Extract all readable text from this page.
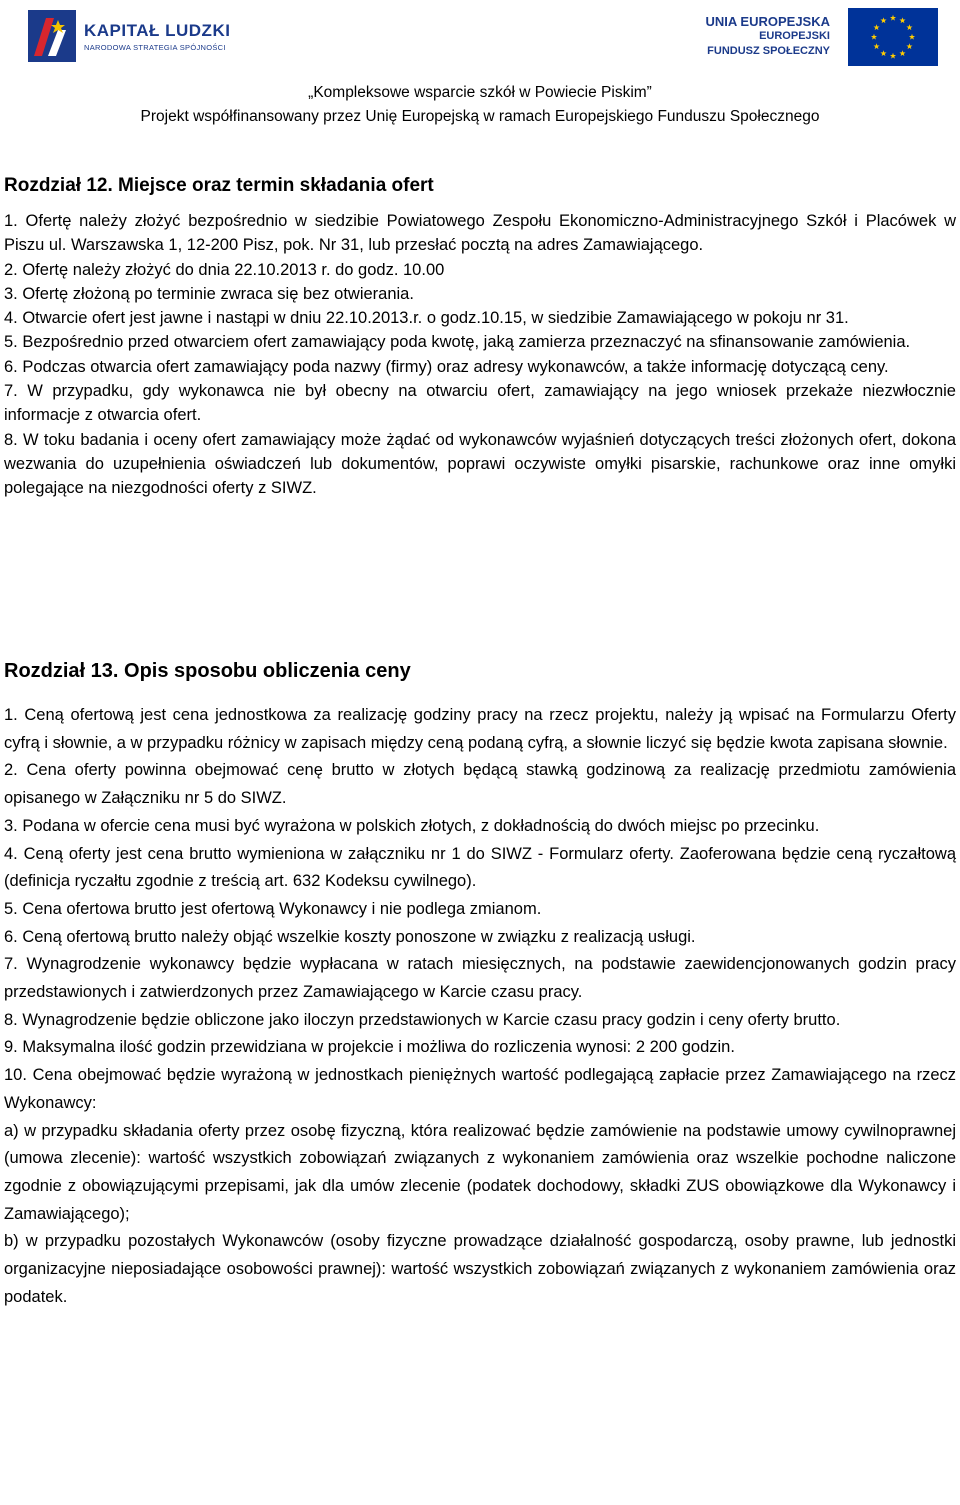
KAPITAŁ LUDZKI
NARODOWA STRATEGIA SPÓJNOŚCI
UNIA EUROPEJSKA
EUROPEJSKI
FUNDUSZ SPOŁECZNY
„Kompleksowe wsparcie szkół w Powiecie Piskim”
Projekt współfinansowany przez Unię Europejską w ramach Europejskiego Funduszu Społecznego
Rozdział 12. Miejsce oraz termin składania ofert

1. Ofertę należy złożyć bezpośrednio w siedzibie Powiatowego Zespołu Ekonomiczno-Administracyjnego Szkół i Placówek w Piszu ul. Warszawska 1, 12-200 Pisz, pok. Nr 31, lub przesłać pocztą na adres Zamawiającego.

2. Ofertę należy złożyć do dnia 22.10.2013 r. do godz. 10.00

3. Ofertę złożoną po terminie zwraca się bez otwierania.

4. Otwarcie ofert jest jawne i nastąpi w dniu 22.10.2013.r. o godz.10.15, w siedzibie Zamawiającego w pokoju nr 31.

5. Bezpośrednio przed otwarciem ofert zamawiający poda kwotę, jaką zamierza przeznaczyć na sfinansowanie zamówienia.

6. Podczas otwarcia ofert zamawiający poda nazwy (firmy) oraz adresy wykonawców, a także informację dotyczącą ceny.

7. W przypadku, gdy wykonawca nie był obecny na otwarciu ofert, zamawiający na jego wniosek przekaże niezwłocznie informacje z otwarcia ofert.

8. W toku badania i oceny ofert zamawiający może żądać od wykonawców wyjaśnień dotyczących treści złożonych ofert, dokona wezwania do uzupełnienia oświadczeń lub dokumentów, poprawi oczywiste omyłki pisarskie, rachunkowe oraz inne omyłki polegające na niezgodności oferty z SIWZ.

Rozdział 13. Opis sposobu obliczenia ceny

1. Ceną ofertową jest cena jednostkowa za realizację godziny pracy na rzecz projektu, należy ją wpisać na Formularzu Oferty cyfrą i słownie, a w przypadku różnicy w zapisach między ceną podaną cyfrą, a słownie liczyć się będzie kwota zapisana słownie.

2. Cena oferty powinna obejmować cenę brutto w złotych będącą stawką godzinową za realizację przedmiotu zamówienia opisanego w Załączniku nr 5 do SIWZ.

3. Podana w ofercie cena musi być wyrażona w polskich złotych, z dokładnością do dwóch miejsc po przecinku.

4. Ceną oferty jest cena brutto wymieniona w załączniku nr 1 do SIWZ - Formularz oferty. Zaoferowana będzie ceną ryczałtową (definicja ryczałtu zgodnie z treścią art. 632 Kodeksu cywilnego).

5. Cena ofertowa brutto jest ofertową Wykonawcy i nie podlega zmianom.

6. Ceną ofertową brutto należy objąć wszelkie koszty ponoszone w związku z realizacją usługi.

7. Wynagrodzenie wykonawcy będzie wypłacana w ratach miesięcznych, na podstawie zaewidencjonowanych godzin pracy przedstawionych i zatwierdzonych przez Zamawiającego w Karcie czasu pracy.

8. Wynagrodzenie będzie obliczone jako iloczyn przedstawionych w Karcie czasu pracy godzin i ceny oferty brutto.

9. Maksymalna ilość godzin przewidziana w projekcie i możliwa do rozliczenia wynosi: 2 200 godzin.

10. Cena obejmować będzie wyrażoną w jednostkach pieniężnych wartość podlegającą zapłacie przez Zamawiającego na rzecz Wykonawcy:

a) w przypadku składania oferty przez osobę fizyczną, która realizować będzie zamówienie na podstawie umowy cywilnoprawnej (umowa zlecenie): wartość wszystkich zobowiązań związanych z wykonaniem zamówienia oraz wszelkie pochodne naliczone zgodnie z obowiązującymi przepisami, jak dla umów zlecenie (podatek dochodowy, składki ZUS obowiązkowe dla Wykonawcy i Zamawiającego);

b) w przypadku pozostałych Wykonawców (osoby fizyczne prowadzące działalność gospodarczą, osoby prawne, lub jednostki organizacyjne nieposiadające osobowości prawnej): wartość wszystkich zobowiązań związanych z wykonaniem zamówienia oraz podatek.
